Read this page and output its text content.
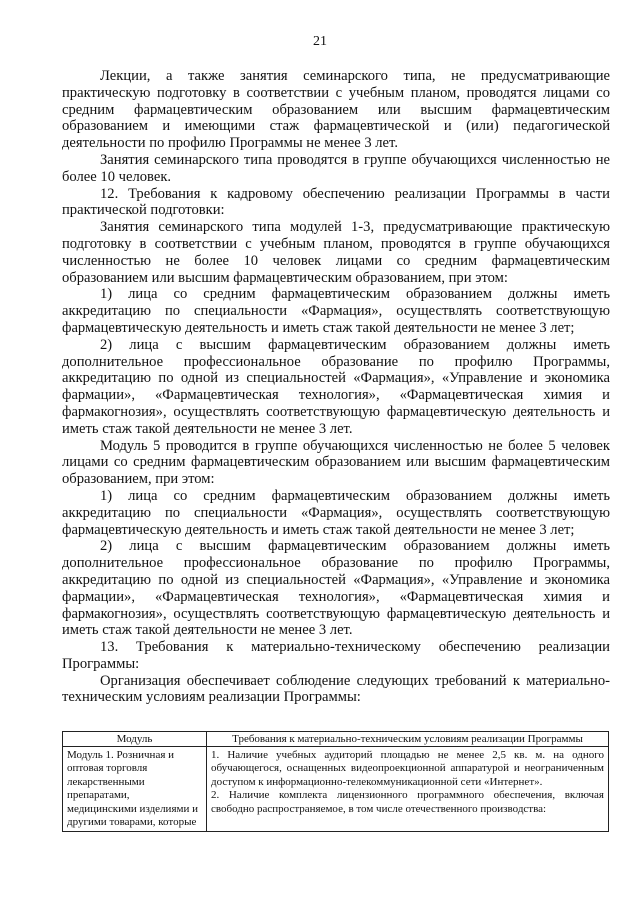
21

Лекции, а также занятия семинарского типа, не предусматривающие практическую подготовку в соответствии с учебным планом, проводятся лицами со средним фармацевтическим образованием или высшим фармацевтическим образованием и имеющими стаж фармацевтической и (или) педагогической деятельности по профилю Программы не менее 3 лет.

Занятия семинарского типа проводятся в группе обучающихся численностью не более 10 человек.

12. Требования к кадровому обеспечению реализации Программы в части практической подготовки:

Занятия семинарского типа модулей 1-3, предусматривающие практическую подготовку в соответствии с учебным планом, проводятся в группе обучающихся численностью не более 10 человек лицами со средним фармацевтическим образованием или высшим фармацевтическим образованием, при этом:

1) лица со средним фармацевтическим образованием должны иметь аккредитацию по специальности «Фармация», осуществлять соответствующую фармацевтическую деятельность и иметь стаж такой деятельности не менее 3 лет;

2) лица с высшим фармацевтическим образованием должны иметь дополнительное профессиональное образование по профилю Программы, аккредитацию по одной из специальностей «Фармация», «Управление и экономика фармации», «Фармацевтическая технология», «Фармацевтическая химия и фармакогнозия», осуществлять соответствующую фармацевтическую деятельность и иметь стаж такой деятельности не менее 3 лет.

Модуль 5 проводится в группе обучающихся численностью не более 5 человек лицами со средним фармацевтическим образованием или высшим фармацевтическим образованием, при этом:

1) лица со средним фармацевтическим образованием должны иметь аккредитацию по специальности «Фармация», осуществлять соответствующую фармацевтическую деятельность и иметь стаж такой деятельности не менее 3 лет;

2) лица с высшим фармацевтическим образованием должны иметь дополнительное профессиональное образование по профилю Программы, аккредитацию по одной из специальностей «Фармация», «Управление и экономика фармации», «Фармацевтическая технология», «Фармацевтическая химия и фармакогнозия», осуществлять соответствующую фармацевтическую деятельность и иметь стаж такой деятельности не менее 3 лет.

13. Требования к материально-техническому обеспечению реализации Программы:

Организация обеспечивает соблюдение следующих требований к материально-техническим условиям реализации Программы:

Модуль	Требования к материально-техническим условиям реализации Программы
Модуль 1. Розничная и оптовая торговля лекарственными препаратами, медицинскими изделиями и другими товарами, которые	1. Наличие учебных аудиторий площадью не менее 2,5 кв. м. на одного обучающегося, оснащенных видеопроекционной аппаратурой и неограниченным доступом к информационно-телекоммуникационной сети «Интернет».

2. Наличие комплекта лицензионного программного обеспечения, включая свободно распространяемое, в том числе отечественного производства:
